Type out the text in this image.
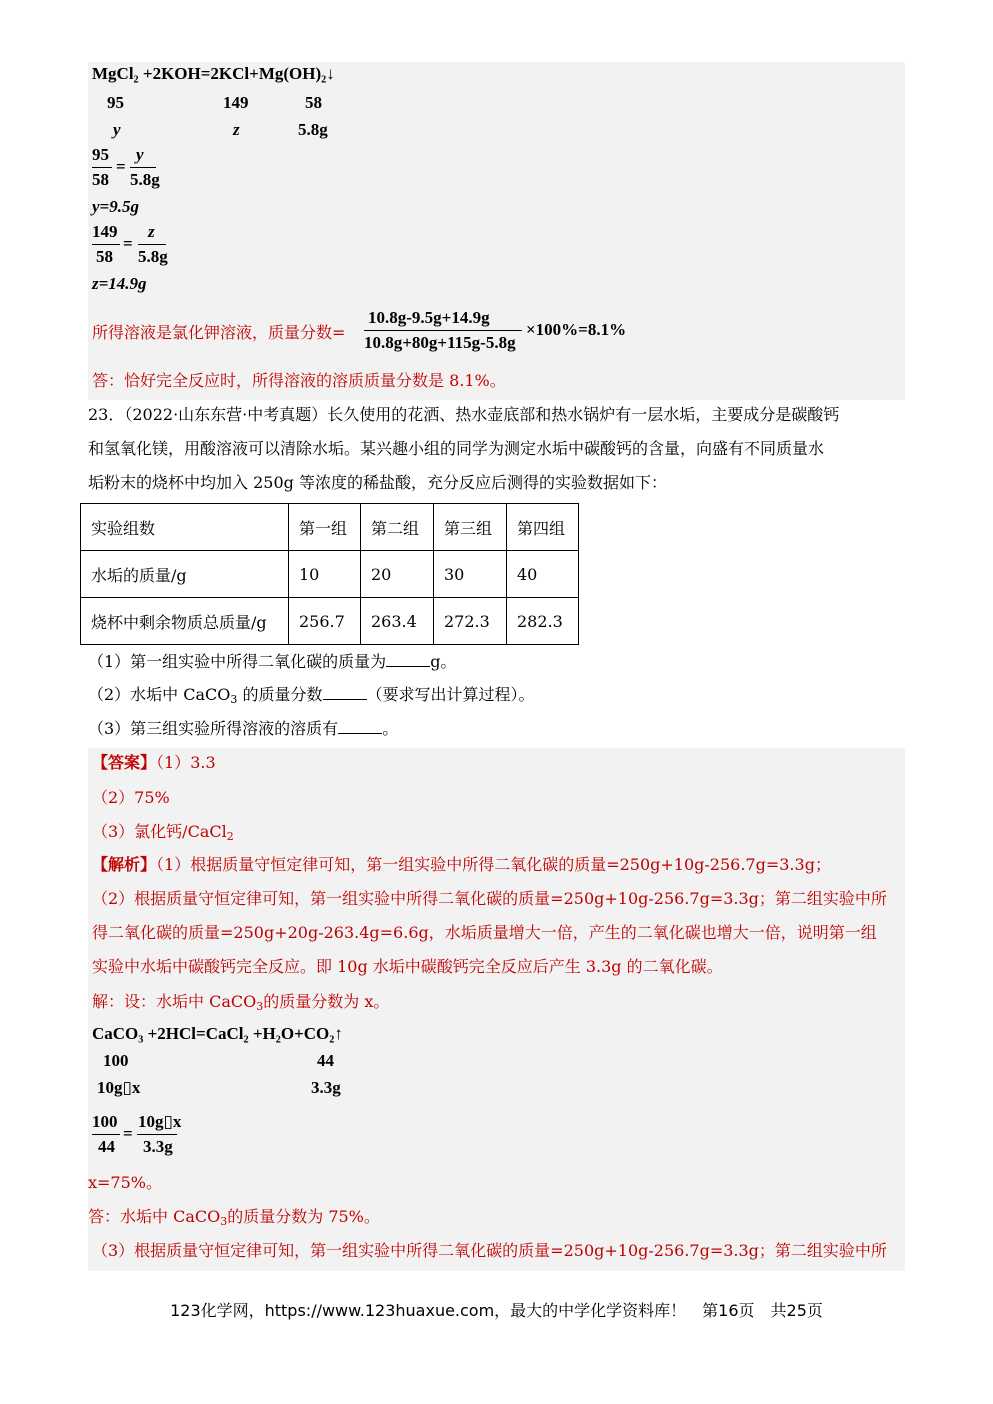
MgCl₂ +2KOH=2KCl+Mg(OH)₂↓
95	149	58
y	z	5.8g
95
58
=
y
5.8g
y=9.5g
149
58
=
z
5.8g
z=14.9g
所得溶液是氯化钾溶液，质量分数=
10.8g-9.5g+14.9g
10.8g+80g+115g-5.8g
×100%=8.1%
答：恰好完全反应时，所得溶液的溶质质量分数是 8.1%。
23．（2022·山东东营·中考真题）长久使用的花洒、热水壶底部和热水锅炉有一层水垢，主要成分是碳酸钙
和氢氧化镁，用酸溶液可以清除水垢。某兴趣小组的同学为测定水垢中碳酸钙的含量，向盛有不同质量水
垢粉末的烧杯中均加入 250g 等浓度的稀盐酸，充分反应后测得的实验数据如下：
实验组数	第一组	第二组	第三组	第四组
水垢的质量/g	10	20	30	40
烧杯中剩余物质总质量/g	256.7	263.4	272.3	282.3
（1）第一组实验中所得二氧化碳的质量为	g。
（2）水垢中 CaCO$_3$ 的质量分数	（要求写出计算过程）。
（3）第三组实验所得溶液的溶质有	。
【答案】（1）3.3
（2）75%
（3）氯化钙/CaCl$_2$
【解析】（1）根据质量守恒定律可知，第一组实验中所得二氧化碳的质量=250g+10g-256.7g=3.3g；
（2）根据质量守恒定律可知，第一组实验中所得二氧化碳的质量=250g+10g-256.7g=3.3g；第二组实验中所
得二氧化碳的质量=250g+20g-263.4g=6.6g，水垢质量增大一倍，产生的二氧化碳也增大一倍，说明第一组
实验中水垢中碳酸钙完全反应。即 10g 水垢中碳酸钙完全反应后产生 3.3g 的二氧化碳。
解：设：水垢中 CaCO$_3$的质量分数为 x。
CaCO₃ +2HCl=CaCl₂ +H₂O+CO₂↑
100	44
10g▯x	3.3g
100
44
=
10g▯x
3.3g
x=75%。
答：水垢中 CaCO$_3$的质量分数为 75%。
（3）根据质量守恒定律可知，第一组实验中所得二氧化碳的质量=250g+10g-256.7g=3.3g；第二组实验中所
123化学网，https://www.123huaxue.com，最大的中学化学资料库！　第16页　共25页
